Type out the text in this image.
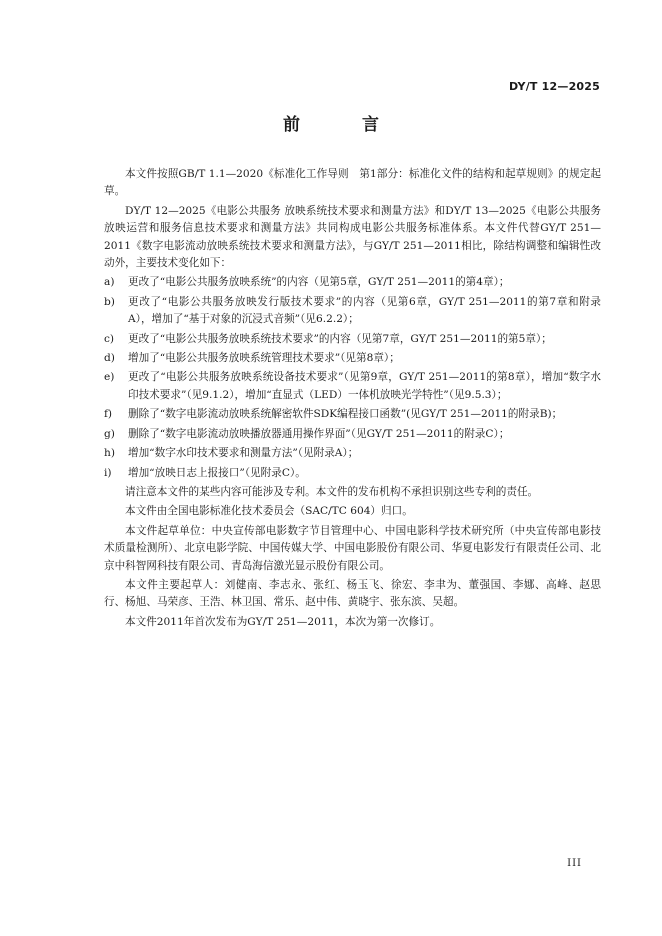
DY/T 12—2025
前 言

本文件按照GB/T 1.1—2020《标准化工作导则　第1部分：标准化文件的结构和起草规则》的规定起草。

DY/T 12—2025《电影公共服务 放映系统技术要求和测量方法》和DY/T 13—2025《电影公共服务 放映运营和服务信息技术要求和测量方法》共同构成电影公共服务标准体系。本文件代替GY/T 251—2011《数字电影流动放映系统技术要求和测量方法》，与GY/T 251—2011相比，除结构调整和编辑性改动外，主要技术变化如下：

a)	更改了“电影公共服务放映系统”的内容（见第5章，GY/T 251—2011的第4章）；
b)	更改了“电影公共服务放映发行版技术要求”的内容（见第6章，GY/T 251—2011的第7章和附录A），增加了“基于对象的沉浸式音频”（见6.2.2）；
c)	更改了“电影公共服务放映系统技术要求”的内容（见第7章，GY/T 251—2011的第5章）；
d)	增加了“电影公共服务放映系统管理技术要求”（见第8章）；
e)	更改了“电影公共服务放映系统设备技术要求”（见第9章，GY/T 251—2011的第8章），增加“数字水印技术要求”（见9.1.2），增加“直显式（LED）一体机放映光学特性”（见9.5.3）；
f)	删除了“数字电影流动放映系统解密软件SDK编程接口函数”(见GY/T 251—2011的附录B)；
g)	删除了“数字电影流动放映播放器通用操作界面”（见GY/T 251—2011的附录C）；
h)	增加“数字水印技术要求和测量方法”（见附录A）；
i)	增加“放映日志上报接口”（见附录C）。

请注意本文件的某些内容可能涉及专利。本文件的发布机构不承担识别这些专利的责任。

本文件由全国电影标准化技术委员会（SAC/TC 604）归口。

本文件起草单位：中央宣传部电影数字节目管理中心、中国电影科学技术研究所（中央宣传部电影技术质量检测所）、北京电影学院、中国传媒大学、中国电影股份有限公司、华夏电影发行有限责任公司、北京中科智网科技有限公司、青岛海信激光显示股份有限公司。

本文件主要起草人：刘健南、李志永、张红、杨玉飞、徐宏、李聿为、董强国、李娜、高峰、赵思行、杨旭、马荣彦、王浩、林卫国、常乐、赵中伟、黄晓宇、张东滨、吴超。

本文件2011年首次发布为GY/T 251—2011，本次为第一次修订。

III
